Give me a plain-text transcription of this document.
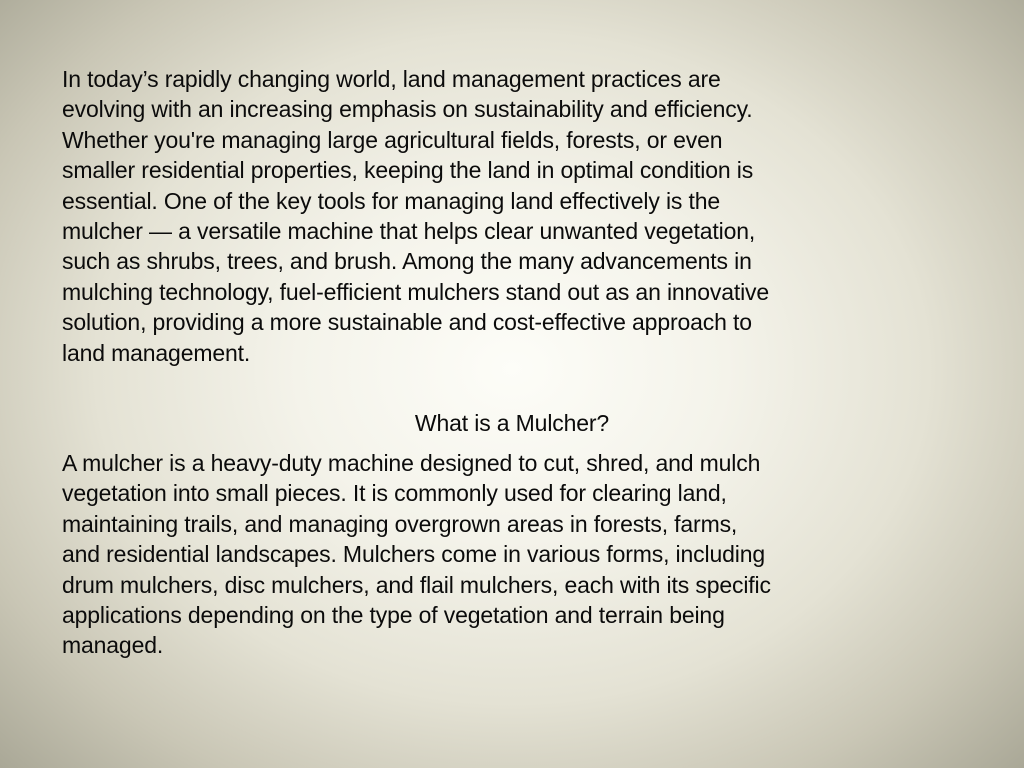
In today’s rapidly changing world, land management practices are
evolving with an increasing emphasis on sustainability and efficiency.
Whether you're managing large agricultural fields, forests, or even
smaller residential properties, keeping the land in optimal condition is
essential. One of the key tools for managing land effectively is the
mulcher — a versatile machine that helps clear unwanted vegetation,
such as shrubs, trees, and brush. Among the many advancements in
mulching technology, fuel-efficient mulchers stand out as an innovative
solution, providing a more sustainable and cost-effective approach to
land management.

What is a Mulcher?

A mulcher is a heavy-duty machine designed to cut, shred, and mulch
vegetation into small pieces. It is commonly used for clearing land,
maintaining trails, and managing overgrown areas in forests, farms,
and residential landscapes. Mulchers come in various forms, including
drum mulchers, disc mulchers, and flail mulchers, each with its specific
applications depending on the type of vegetation and terrain being
managed.
